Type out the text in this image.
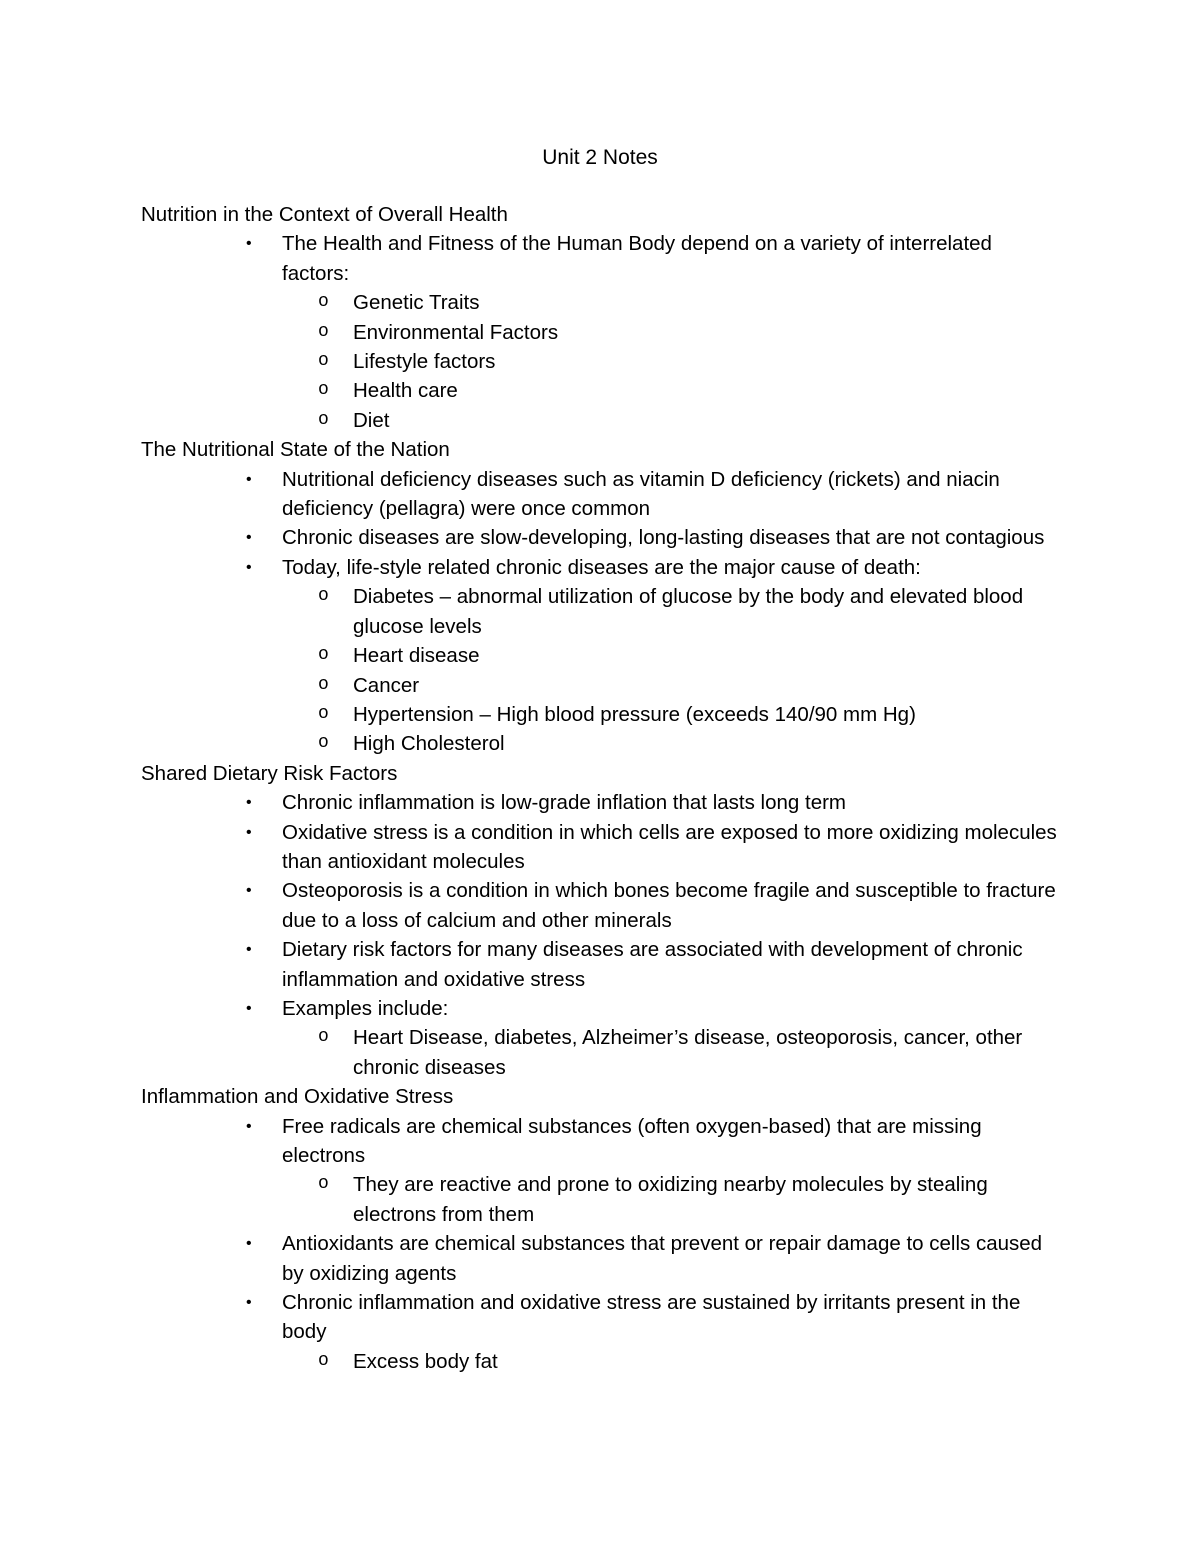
Unit 2 Notes
Nutrition in the Context of Overall Health
•	The Health and Fitness of the Human Body depend on a variety of interrelated factors:
o	Genetic Traits
o	Environmental Factors
o	Lifestyle factors
o	Health care
o	Diet
The Nutritional State of the Nation
•	Nutritional deficiency diseases such as vitamin D deficiency (rickets) and niacin deficiency (pellagra) were once common
•	Chronic diseases are slow-developing, long-lasting diseases that are not contagious
•	Today, life-style related chronic diseases are the major cause of death:
o	Diabetes – abnormal utilization of glucose by the body and elevated blood glucose levels
o	Heart disease
o	Cancer
o	Hypertension – High blood pressure (exceeds 140/90 mm Hg)
o	High Cholesterol
Shared Dietary Risk Factors
•	Chronic inflammation is low-grade inflation that lasts long term
•	Oxidative stress is a condition in which cells are exposed to more oxidizing molecules than antioxidant molecules
•	Osteoporosis is a condition in which bones become fragile and susceptible to fracture due to a loss of calcium and other minerals
•	Dietary risk factors for many diseases are associated with development of chronic inflammation and oxidative stress
•	Examples include:
o	Heart Disease, diabetes, Alzheimer’s disease, osteoporosis, cancer, other chronic diseases
Inflammation and Oxidative Stress
•	Free radicals are chemical substances (often oxygen-based) that are missing electrons
o	They are reactive and prone to oxidizing nearby molecules by stealing electrons from them
•	Antioxidants are chemical substances that prevent or repair damage to cells caused by oxidizing agents
•	Chronic inflammation and oxidative stress are sustained by irritants present in the body
o	Excess body fat
